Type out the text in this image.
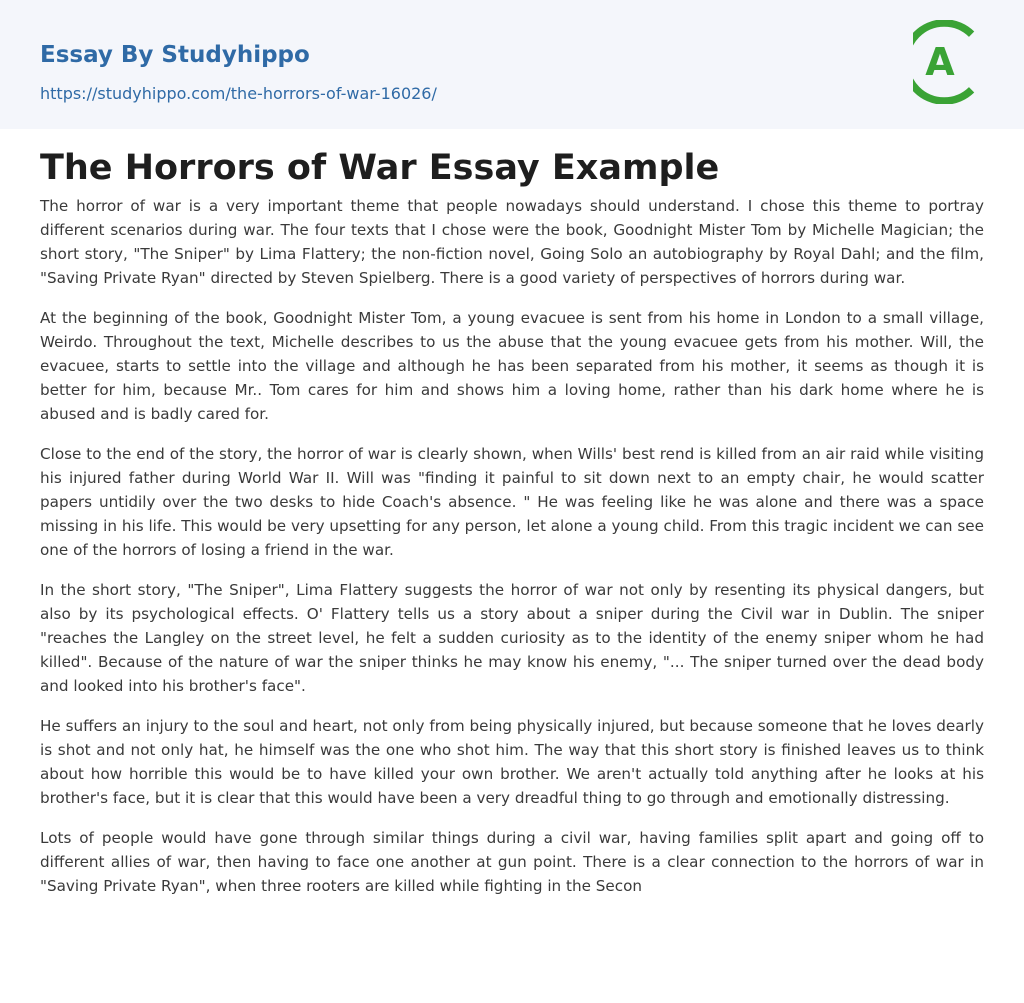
Essay By Studyhippo
https://studyhippo.com/the-horrors-of-war-16026/
A
The Horrors of War Essay Example

The horror of war is a very important theme that people nowadays should understand. I chose this theme to portray different scenarios during war. The four texts that I chose were the book, Goodnight Mister Tom by Michelle Magician; the short story, "The Sniper" by Lima Flattery; the non-fiction novel, Going Solo an autobiography by Royal Dahl; and the film, "Saving Private Ryan" directed by Steven Spielberg. There is a good variety of perspectives of horrors during war.

At the beginning of the book, Goodnight Mister Tom, a young evacuee is sent from his home in London to a small village, Weirdo. Throughout the text, Michelle describes to us the abuse that the young evacuee gets from his mother. Will, the evacuee, starts to settle into the village and although he has been separated from his mother, it seems as though it is better for him, because Mr.. Tom cares for him and shows him a loving home, rather than his dark home where he is abused and is badly cared for.

Close to the end of the story, the horror of war is clearly shown, when Wills' best rend is killed from an air raid while visiting his injured father during World War II. Will was "finding it painful to sit down next to an empty chair, he would scatter papers untidily over the two desks to hide Coach's absence. " He was feeling like he was alone and there was a space missing in his life. This would be very upsetting for any person, let alone a young child. From this tragic incident we can see one of the horrors of losing a friend in the war.

In the short story, "The Sniper", Lima Flattery suggests the horror of war not only by resenting its physical dangers, but also by its psychological effects. O' Flattery tells us a story about a sniper during the Civil war in Dublin. The sniper "reaches the Langley on the street level, he felt a sudden curiosity as to the identity of the enemy sniper whom he had killed". Because of the nature of war the sniper thinks he may know his enemy, "... The sniper turned over the dead body and looked into his brother's face".

He suffers an injury to the soul and heart, not only from being physically injured, but because someone that he loves dearly is shot and not only hat, he himself was the one who shot him. The way that this short story is finished leaves us to think about how horrible this would be to have killed your own brother. We aren't actually told anything after he looks at his brother's face, but it is clear that this would have been a very dreadful thing to go through and emotionally distressing.

Lots of people would have gone through similar things during a civil war, having families split apart and going off to different allies of war, then having to face one another at gun point. There is a clear connection to the horrors of war in "Saving Private Ryan", when three rooters are killed while fighting in the Secon
